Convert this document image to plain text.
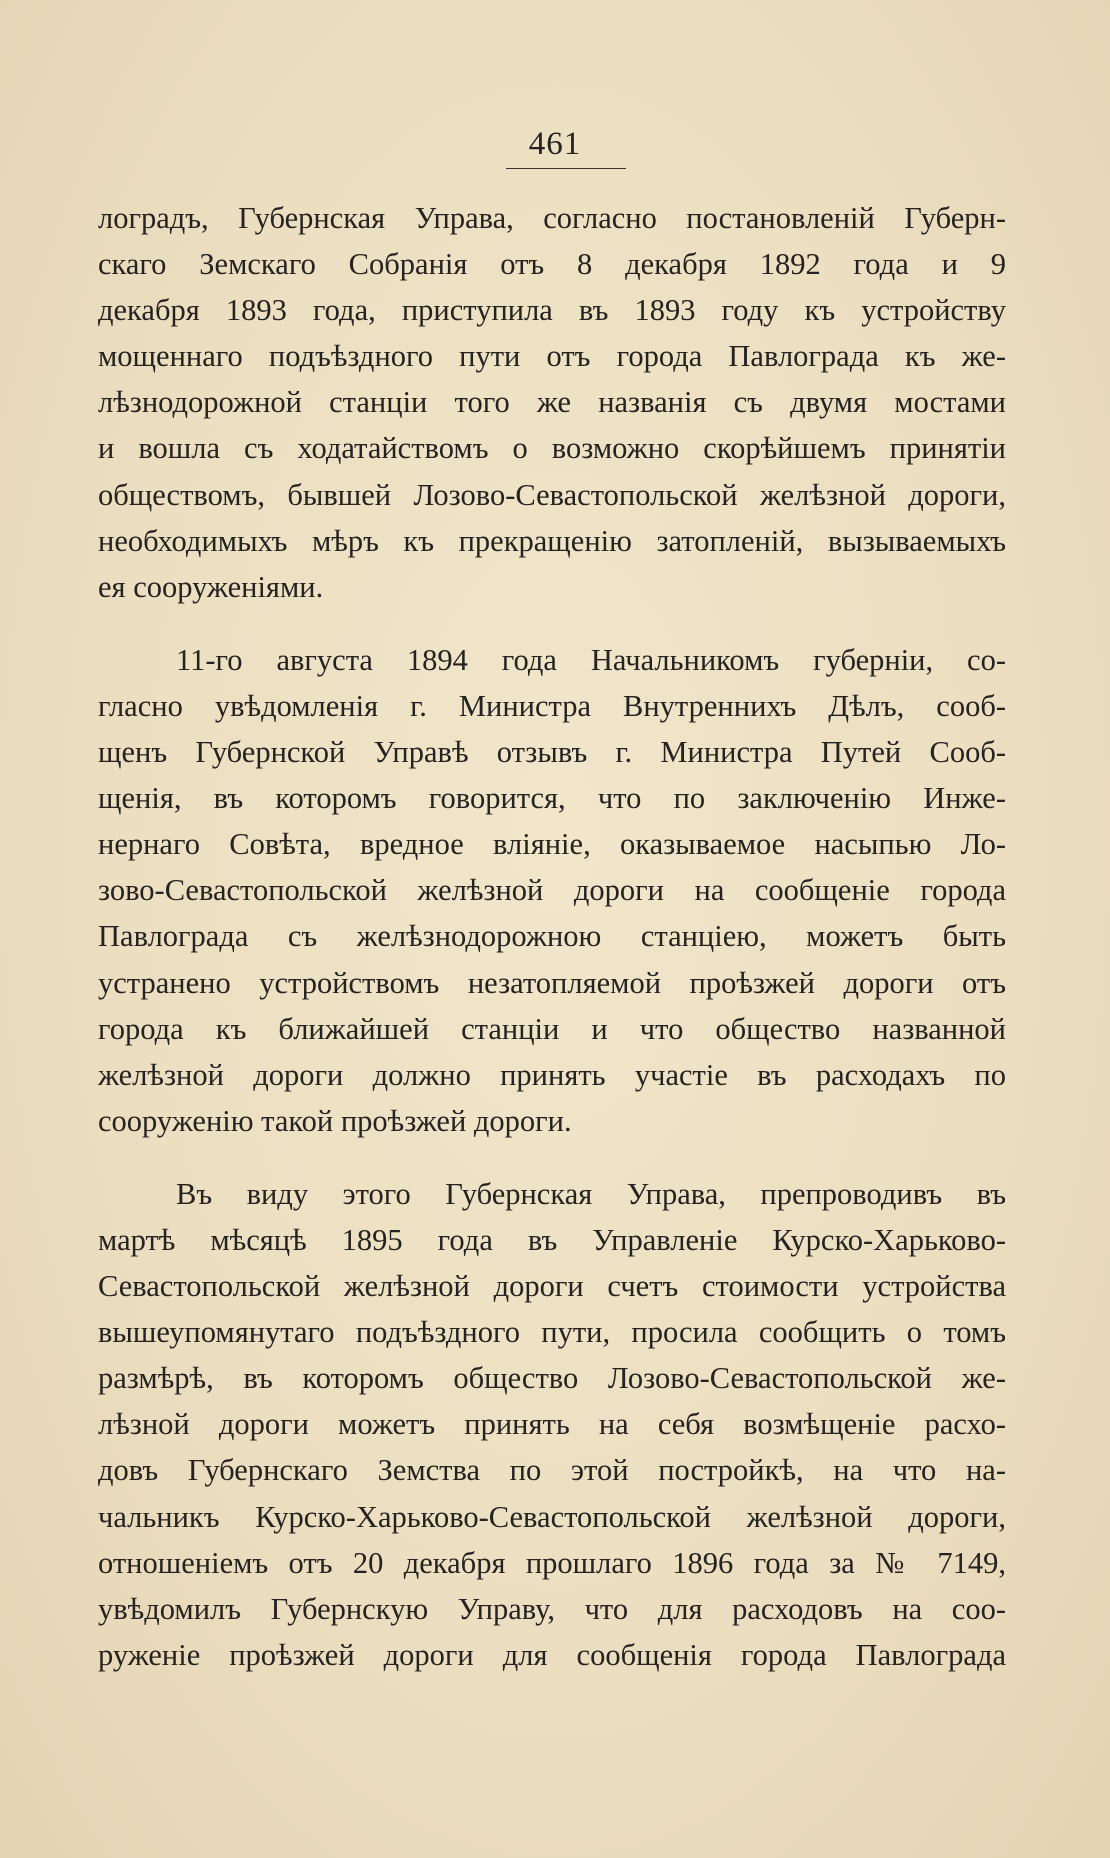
461
лоградъ, Губернская Управа, согласно постановленій Губерн-
скаго Земскаго Собранія отъ 8 декабря 1892 года и 9
декабря 1893 года, приступила въ 1893 году къ устройству
мощеннаго подъѣздного пути отъ города Павлограда къ же-
лѣзнодорожной станціи того же названія съ двумя мостами
и вошла съ ходатайствомъ о возможно скорѣйшемъ принятіи
обществомъ, бывшей Лозово-Севастопольской желѣзной дороги,
необходимыхъ мѣръ къ прекращенію затопленій, вызываемыхъ
ея сооруженіями.
11-го августа 1894 года Начальникомъ губерніи, со-
гласно увѣдомленія г. Министра Внутреннихъ Дѣлъ, сооб-
щенъ Губернской Управѣ отзывъ г. Министра Путей Сооб-
щенія, въ которомъ говорится, что по заключенію Инже-
нернаго Совѣта, вредное вліяніе, оказываемое насыпью Ло-
зово-Севастопольской желѣзной дороги на сообщеніе города
Павлограда съ желѣзнодорожною станціею, можетъ быть
устранено устройствомъ незатопляемой проѣзжей дороги отъ
города къ ближайшей станціи и что общество названной
желѣзной дороги должно принять участіе въ расходахъ по
сооруженію такой проѣзжей дороги.
Въ виду этого Губернская Управа, препроводивъ въ
мартѣ мѣсяцѣ 1895 года въ Управленіе Курско-Харьково-
Севастопольской желѣзной дороги счетъ стоимости устройства
вышеупомянутаго подъѣздного пути, просила сообщить о томъ
размѣрѣ, въ которомъ общество Лозово-Севастопольской же-
лѣзной дороги можетъ принять на себя возмѣщеніе расхо-
довъ Губернскаго Земства по этой постройкѣ, на что на-
чальникъ Курско-Харьково-Севастопольской желѣзной дороги,
отношеніемъ отъ 20 декабря прошлаго 1896 года за № 7149,
увѣдомилъ Губернскую Управу, что для расходовъ на соо-
руженіе проѣзжей дороги для сообщенія города Павлограда
